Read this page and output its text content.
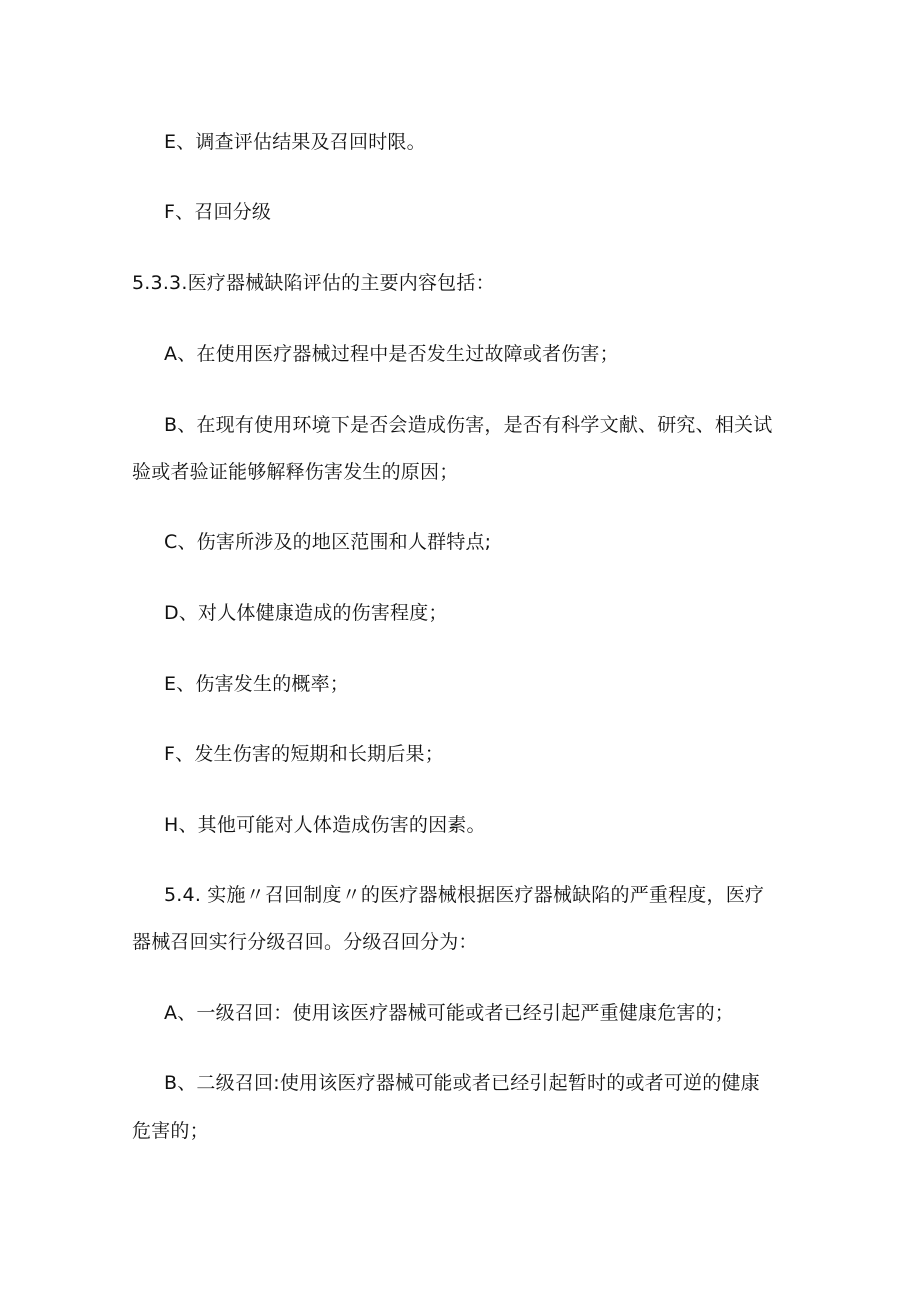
E、调查评估结果及召回时限。

F、召回分级

5.3.3.医疗器械缺陷评估的主要内容包括：

A、在使用医疗器械过程中是否发生过故障或者伤害；

B、在现有使用环境下是否会造成伤害，是否有科学文献、研究、相关试

验或者验证能够解释伤害发生的原因；

C、伤害所涉及的地区范围和人群特点;

D、对人体健康造成的伤害程度；

E、伤害发生的概率；

F、发生伤害的短期和长期后果；

H、其他可能对人体造成伤害的因素。

5.4. 实施〃召回制度〃的医疗器械根据医疗器械缺陷的严重程度，医疗

器械召回实行分级召回。分级召回分为：

A、一级召回：使用该医疗器械可能或者已经引起严重健康危害的；

B、二级召回:使用该医疗器械可能或者已经引起暂时的或者可逆的健康

危害的；
